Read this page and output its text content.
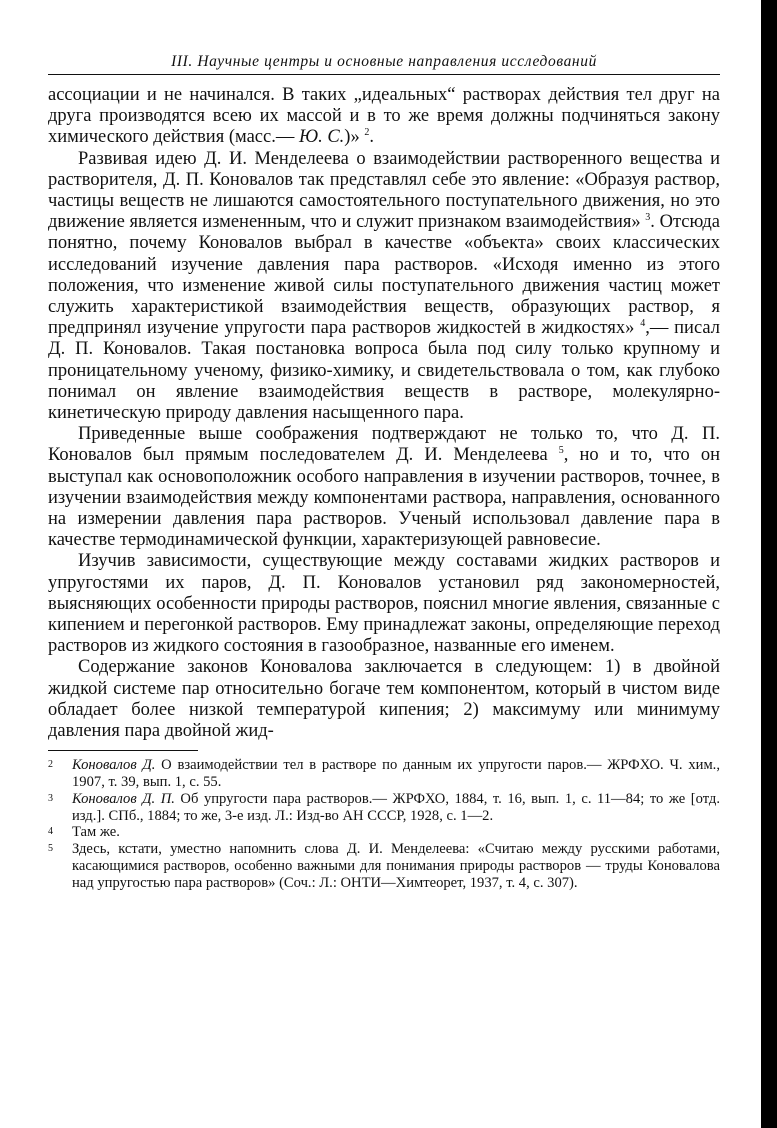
III. Научные центры и основные направления исследований

ассоциации и не начинался. В таких „идеальных“ растворах действия тел друг на друга производятся всею их массой и в то же время должны подчиняться закону химического действия (масс.— Ю. С.)» $^2$.

Развивая идею Д. И. Менделеева о взаимодействии растворенного вещества и растворителя, Д. П. Коновалов так представлял себе это явление: «Образуя раствор, частицы веществ не лишаются самостоятельного поступательного движения, но это движение является измененным, что и служит признаком взаимодействия» $^3$. Отсюда понятно, почему Коновалов выбрал в качестве «объекта» своих классических исследований изучение давления пара растворов. «Исходя именно из этого положения, что изменение живой силы поступательного движения частиц может служить характеристикой взаимодействия веществ, образующих раствор, я предпринял изучение упругости пара растворов жидкостей в жидкостях» $^4$,— писал Д. П. Коновалов. Такая постановка вопроса была под силу только крупному и проницательному ученому, физико-химику, и свидетельствовала о том, как глубоко понимал он явление взаимодействия веществ в растворе, молекулярно-кинетическую природу давления насыщенного пара.

Приведенные выше соображения подтверждают не только то, что Д. П. Коновалов был прямым последователем Д. И. Менделеева $^5$, но и то, что он выступал как основоположник особого направления в изучении растворов, точнее, в изучении взаимодействия между компонентами раствора, направления, основанного на измерении давления пара растворов. Ученый использовал давление пара в качестве термодинамической функции, характеризующей равновесие.

Изучив зависимости, существующие между составами жидких растворов и упругостями их паров, Д. П. Коновалов установил ряд закономерностей, выясняющих особенности природы растворов, пояснил многие явления, связанные с кипением и перегонкой растворов. Ему принадлежат законы, определяющие переход растворов из жидкого состояния в газообразное, названные его именем.

Содержание законов Коновалова заключается в следующем: 1) в двойной жидкой системе пар относительно богаче тем компонентом, который в чистом виде обладает более низкой температурой кипения; 2) максимуму или минимуму давления пара двойной жид-

2	Коновалов Д. О взаимодействии тел в растворе по данным их упругости паров.— ЖРФХО. Ч. хим., 1907, т. 39, вып. 1, с. 55.
3	Коновалов Д. П. Об упругости пара растворов.— ЖРФХО, 1884, т. 16, вып. 1, с. 11—84; то же [отд. изд.]. СПб., 1884; то же, 3-е изд. Л.: Изд-во АН СССР, 1928, с. 1—2.
4	Там же.
5	Здесь, кстати, уместно напомнить слова Д. И. Менделеева: «Считаю между русскими работами, касающимися растворов, особенно важными для понимания природы растворов — труды Коновалова над упругостью пара растворов» (Соч.: Л.: ОНТИ—Химтеорет, 1937, т. 4, с. 307).
